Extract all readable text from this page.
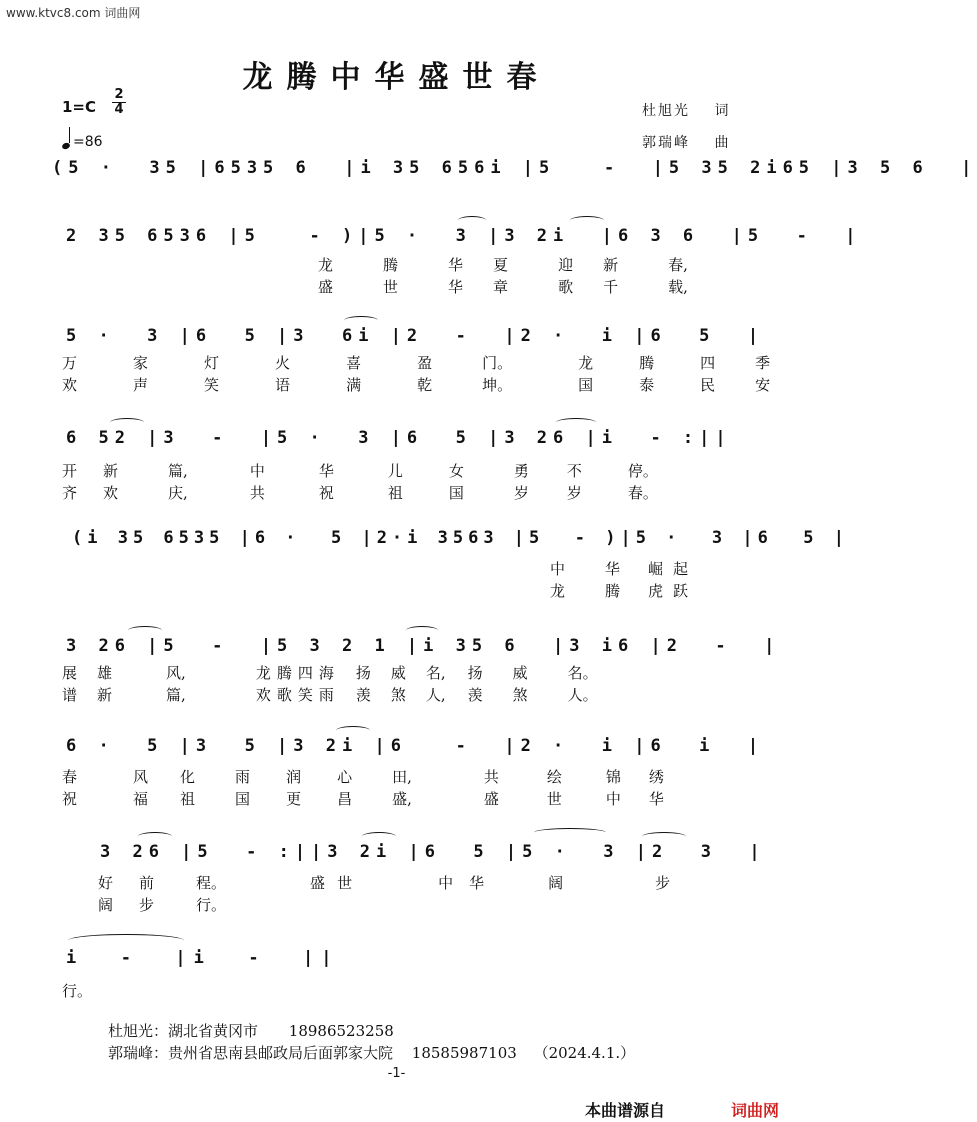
www.ktvc8.com 词曲网
龙腾中华盛世春
1=C
2
4
=86
杜旭光 词
郭瑞峰 曲
(5 ·  35 |6535 6  |i 35 656i |5   -  |5 35 2i65 |3 5 6  |
2 35 6536 |5   - )|5 ·  3 |3 2i  |6 3 6  |5  -  |
龙	腾	华 夏	迎 新	春,
盛	世	华 章	歌 千	载,
5 ·  3 |6  5 |3  6i |2  -  |2 ·  i |6  5  |
万	家	灯	火	喜	盈	门。	龙	腾	四	季
欢	声	笑	语	满	乾	坤。	国	泰	民	安
6 52 |3  -  |5 ·  3 |6  5 |3 26 |i  - :||
开 新	篇,	中	华	儿	女	勇	不	停。
齐 欢	庆,	共	祝	祖	国	岁	岁	春。
(i 35 6535 |6 ·  5 |2·i 3563 |5  - )|5 ·  3 |6  5 |
中	华 崛 起
龙	腾 虎 跃
3 26 |5  -  |5 3 2 1 |i 35 6  |3 i6 |2  -  |
展 雄	风,	龙腾四海 扬 威 名, 扬 威	名。
谱 新	篇,	欢歌笑雨 羡 煞 人, 羡 煞	人。
6 ·  5 |3  5 |3 2i |6   -  |2 ·  i |6  i  |
春	风 化	雨 润 心	田,	共	绘	锦 绣
祝	福 祖	国 更 昌	盛,	盛	世	中 华
3 26 |5  - :||3 2i |6  5 |5 ·  3 |2  3  |
好 前	程。	盛 世	中 华	阔	步
阔 步	行。
i  -  |i  -  ||
行。
杜旭光：湖北省黄冈市 18986523258
郭瑞峰：贵州省思南县邮政局后面郭家大院 18585987103 （2024.4.1.）
-1-
本曲谱源自	词曲网
